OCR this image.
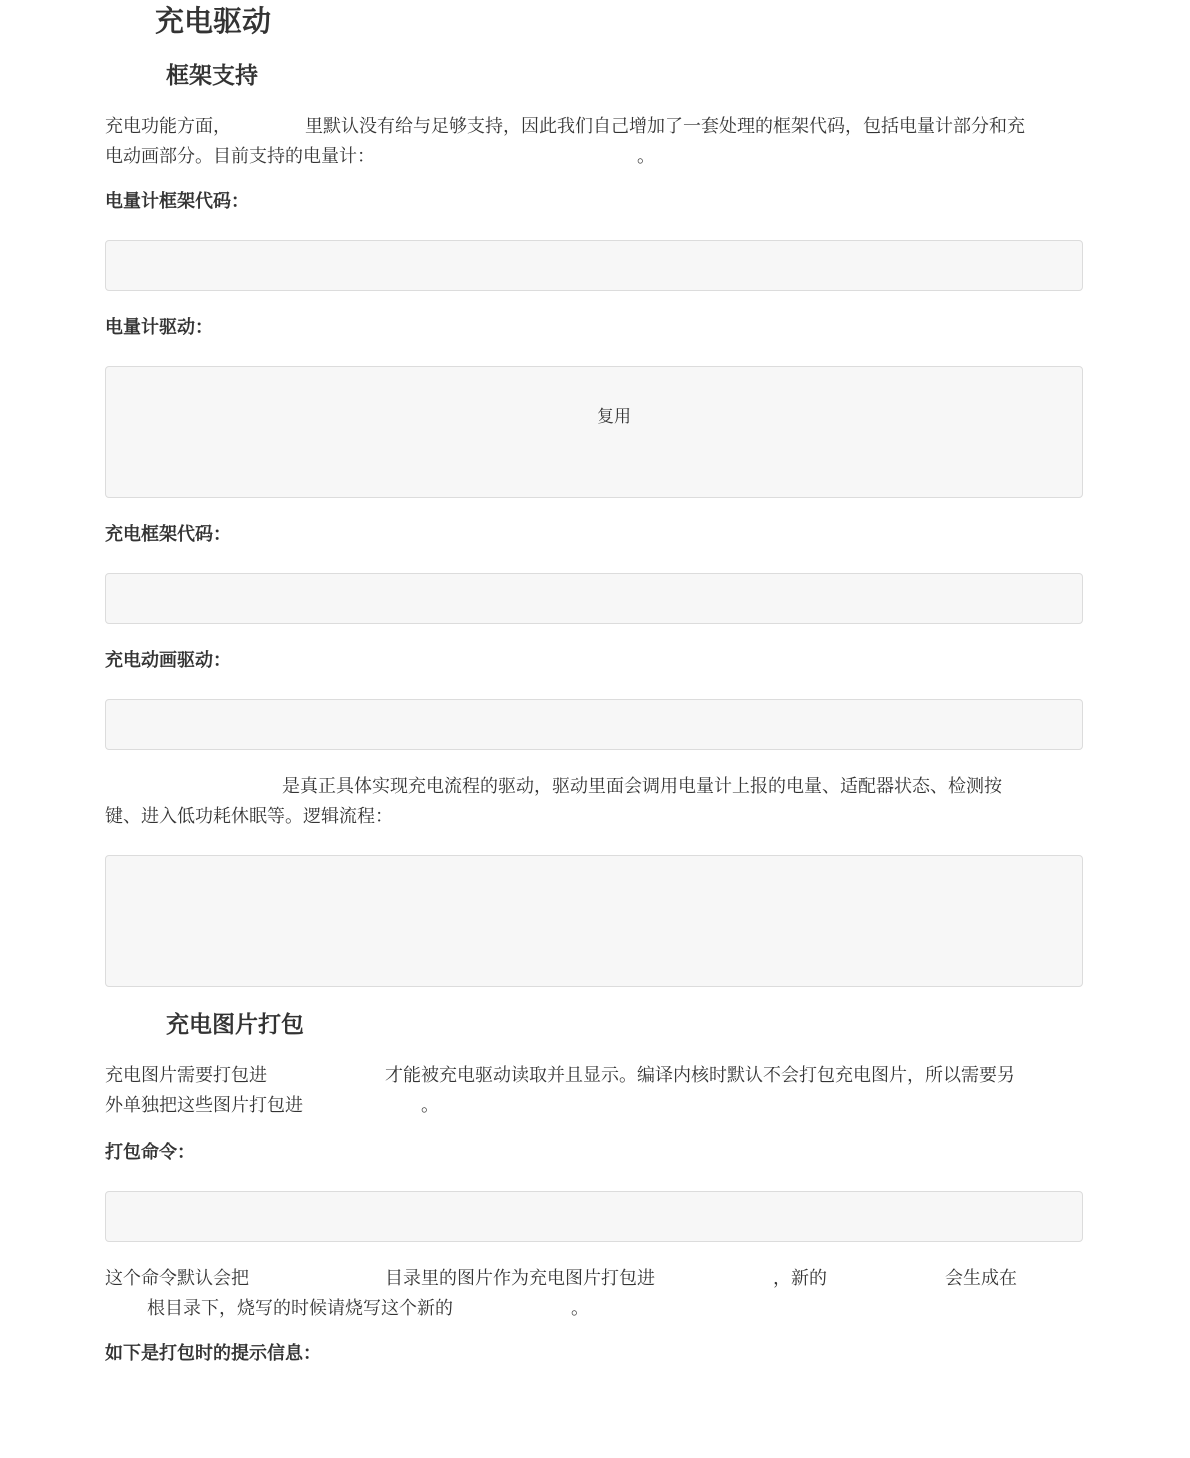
充电驱动
框架支持

充电功能方面，	里默认没有给与足够支持，因此我们自己增加了一套处理的框架代码，包括电量计部分和充
电动画部分。目前支持的电量计：	。

电量计框架代码：
电量计驱动：
复用
充电框架代码：
充电动画驱动：

是真正具体实现充电流程的驱动，驱动里面会调用电量计上报的电量、适配器状态、检测按
键、进入低功耗休眠等。逻辑流程：

充电图片打包

充电图片需要打包进	才能被充电驱动读取并且显示。编译内核时默认不会打包充电图片，所以需要另
外单独把这些图片打包进	。

打包命令：

这个命令默认会把	目录里的图片作为充电图片打包进	，新的	会生成在
根目录下，烧写的时候请烧写这个新的	。

如下是打包时的提示信息：
